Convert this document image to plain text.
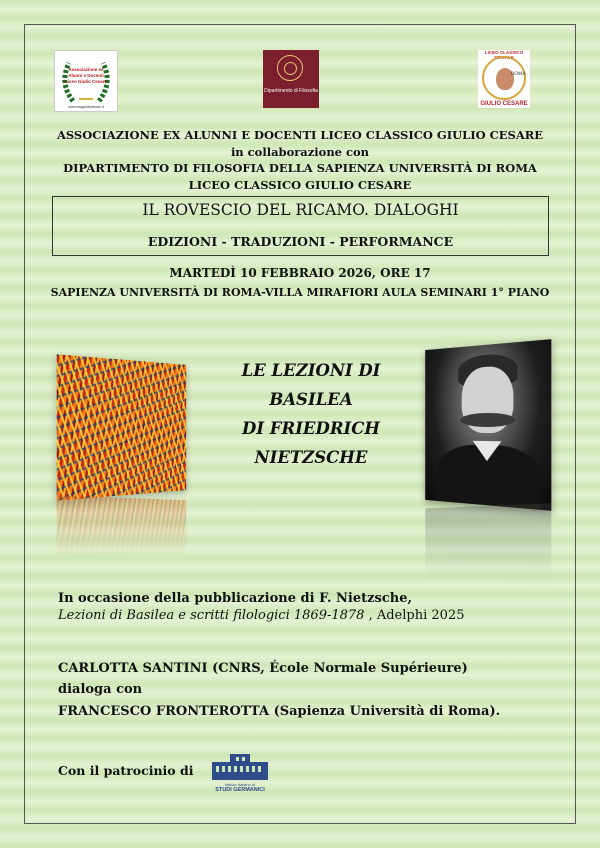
Associazione ex Alunni e Docenti Liceo Giulio Cesare
www.exagiuliocesare.it
Dipartimento di Filosofia
LICEO CLASSICO STATALE
ROMA
GIULIO CESARE
ASSOCIAZIONE EX ALUNNI E DOCENTI LICEO CLASSICO GIULIO CESARE
in collaborazione con
DIPARTIMENTO DI FILOSOFIA DELLA SAPIENZA UNIVERSITÀ DI ROMA
LICEO CLASSICO GIULIO CESARE
IL ROVESCIO DEL RICAMO. DIALOGHI
EDIZIONI - TRADUZIONI - PERFORMANCE
MARTEDÌ 10 FEBBRAIO 2026, ORE 17
SAPIENZA UNIVERSITÀ DI ROMA-VILLA MIRAFIORI AULA SEMINARI 1° PIANO
LE LEZIONI DI
BASILEA
DI FRIEDRICH
NIETZSCHE
In occasione della pubblicazione di F. Nietzsche,
Lezioni di Basilea e scritti filologici 1869-1878 , Adelphi 2025
CARLOTTA SANTINI (CNRS, École Normale Supérieure)
dialoga con
FRANCESCO FRONTEROTTA (Sapienza Università di Roma).
Con il patrocinio di
Istituto Italiano di
STUDI GERMANICI
